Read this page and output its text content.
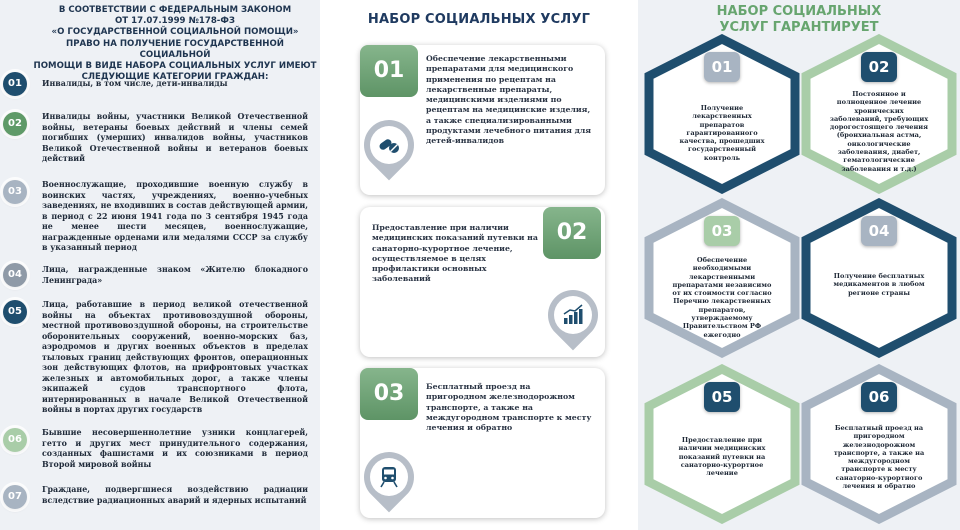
В СООТВЕТСТВИИ С ФЕДЕРАЛЬНЫМ ЗАКОНОМ
ОТ 17.07.1999 №178-ФЗ
«О ГОСУДАРСТВЕННОЙ СОЦИАЛЬНОЙ ПОМОЩИ»
ПРАВО НА ПОЛУЧЕНИЕ ГОСУДАРСТВЕННОЙ СОЦИАЛЬНОЙ
ПОМОЩИ В ВИДЕ НАБОРА СОЦИАЛЬНЫХ УСЛУГ ИМЕЮТ
СЛЕДУЮЩИЕ КАТЕГОРИИ ГРАЖДАН:
01	Инвалиды, в том числе, дети-инвалиды
02
Инвалиды войны, участники Великой Отечественной войны, ветераны боевых действий и члены семей погибших (умерших) инвалидов войны, участников Великой Отечественной войны и ветеранов боевых действий
03
Военнослужащие, проходившие военную службу в воинских частях, учреждениях, военно-учебных заведениях, не входивших в состав действующей армии, в период с 22 июня 1941 года по 3 сентября 1945 года не менее шести месяцев, военнослужащие, награжденные орденами или медалями СССР за службу в указанный период
04	Лица, награжденные знаком «Жителю блокадного Ленинграда»
05
Лица, работавшие в период великой отечественной войны на объектах противовоздушной обороны, местной противовоздушной обороны, на строительстве оборонительных сооружений, военно-морских баз, аэродромов и других военных объектов в пределах тыловых границ действующих фронтов, операционных зон действующих флотов, на прифронтовых участках железных и автомобильных дорог, а также члены экипажей судов транспортного флота, интернированных в начале Великой Отечественной войны в портах других государств
06
Бывшие несовершеннолетние узники концлагерей, гетто и других мест принудительного содержания, созданных фашистами и их союзниками в период Второй мировой войны
07
Граждане, подвергшиеся воздействию радиации вследствие радиационных аварий и ядерных испытаний
НАБОР СОЦИАЛЬНЫХ УСЛУГ
01	Обеспечение лекарственными препаратами для медицинского применения по рецептам на лекарственные препараты, медицинскими изделиями по рецептам на медицинские изделия, а также специализированными продуктами лечебного питания для детей-инвалидов
Предоставление при наличии медицинских показаний путевки на санаторно-курортное лечение, осуществляемое в целях профилактики основных заболеваний
02
03	Бесплатный проезд на пригородном железнодорожном транспорте, а также на междугородном транспорте к месту лечения и обратно
НАБОР СОЦИАЛЬНЫХ
УСЛУГ ГАРАНТИРУЕТ
01
Получение лекарственных препаратов гарантированного качества, прошедших государственный контроль
02
Постоянное и полноценное лечение хронических заболеваний, требующих дорогостоящего лечения (бронхиальная астма, онкологические заболевания, диабет, гематологические заболевания и т.д.)
03
Обеспечение необходимыми лекарственными препаратами независимо от их стоимости согласно Перечню лекарственных препаратов, утверждаемому Правительством РФ ежегодно
04
Получение бесплатных медикаментов в любом регионе страны
05
Предоставление при наличии медицинских показаний путевки на санаторно-курортное лечение
06
Бесплатный проезд на пригородном железнодорожном транспорте, а также на междугородном транспорте к месту санаторно-курортного лечения и обратно
